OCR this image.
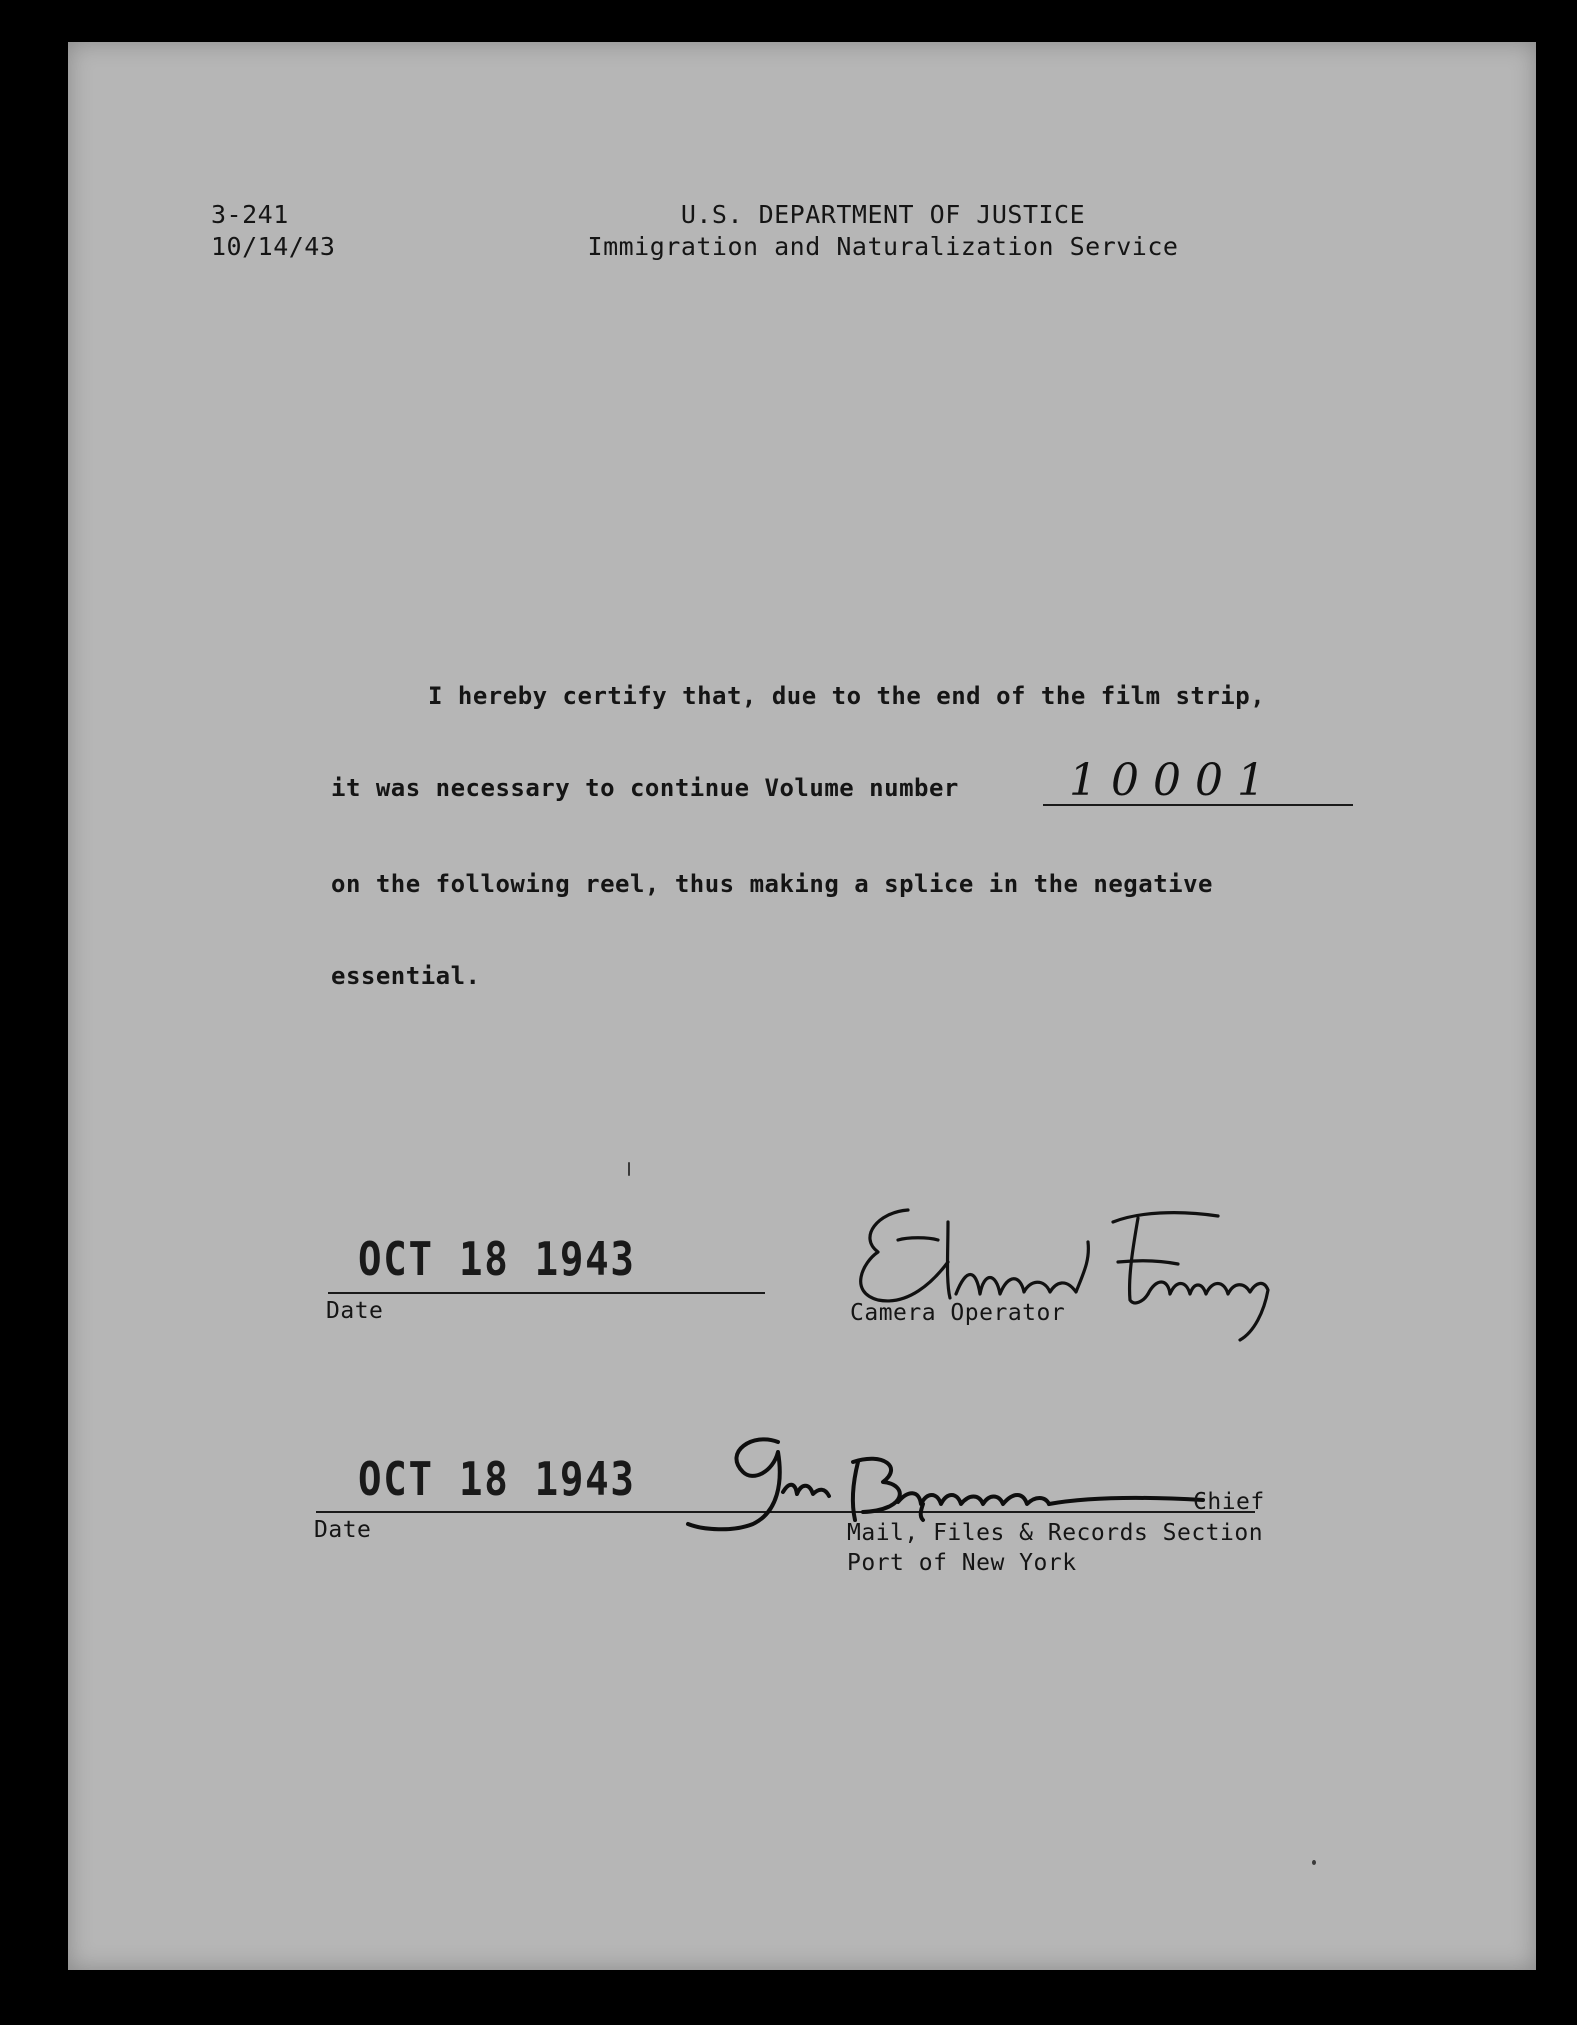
3-241
10/14/43
U.S. DEPARTMENT OF JUSTICE
Immigration and Naturalization Service
I hereby certify that, due to the end of the film strip,
it was necessary to continue Volume number	10001
on the following reel, thus making a splice in the negative
essential.
OCT 18 1943
Date	Camera Operator
OCT 18 1943
Date
Chief
Mail, Files & Records Section
Port of New York
